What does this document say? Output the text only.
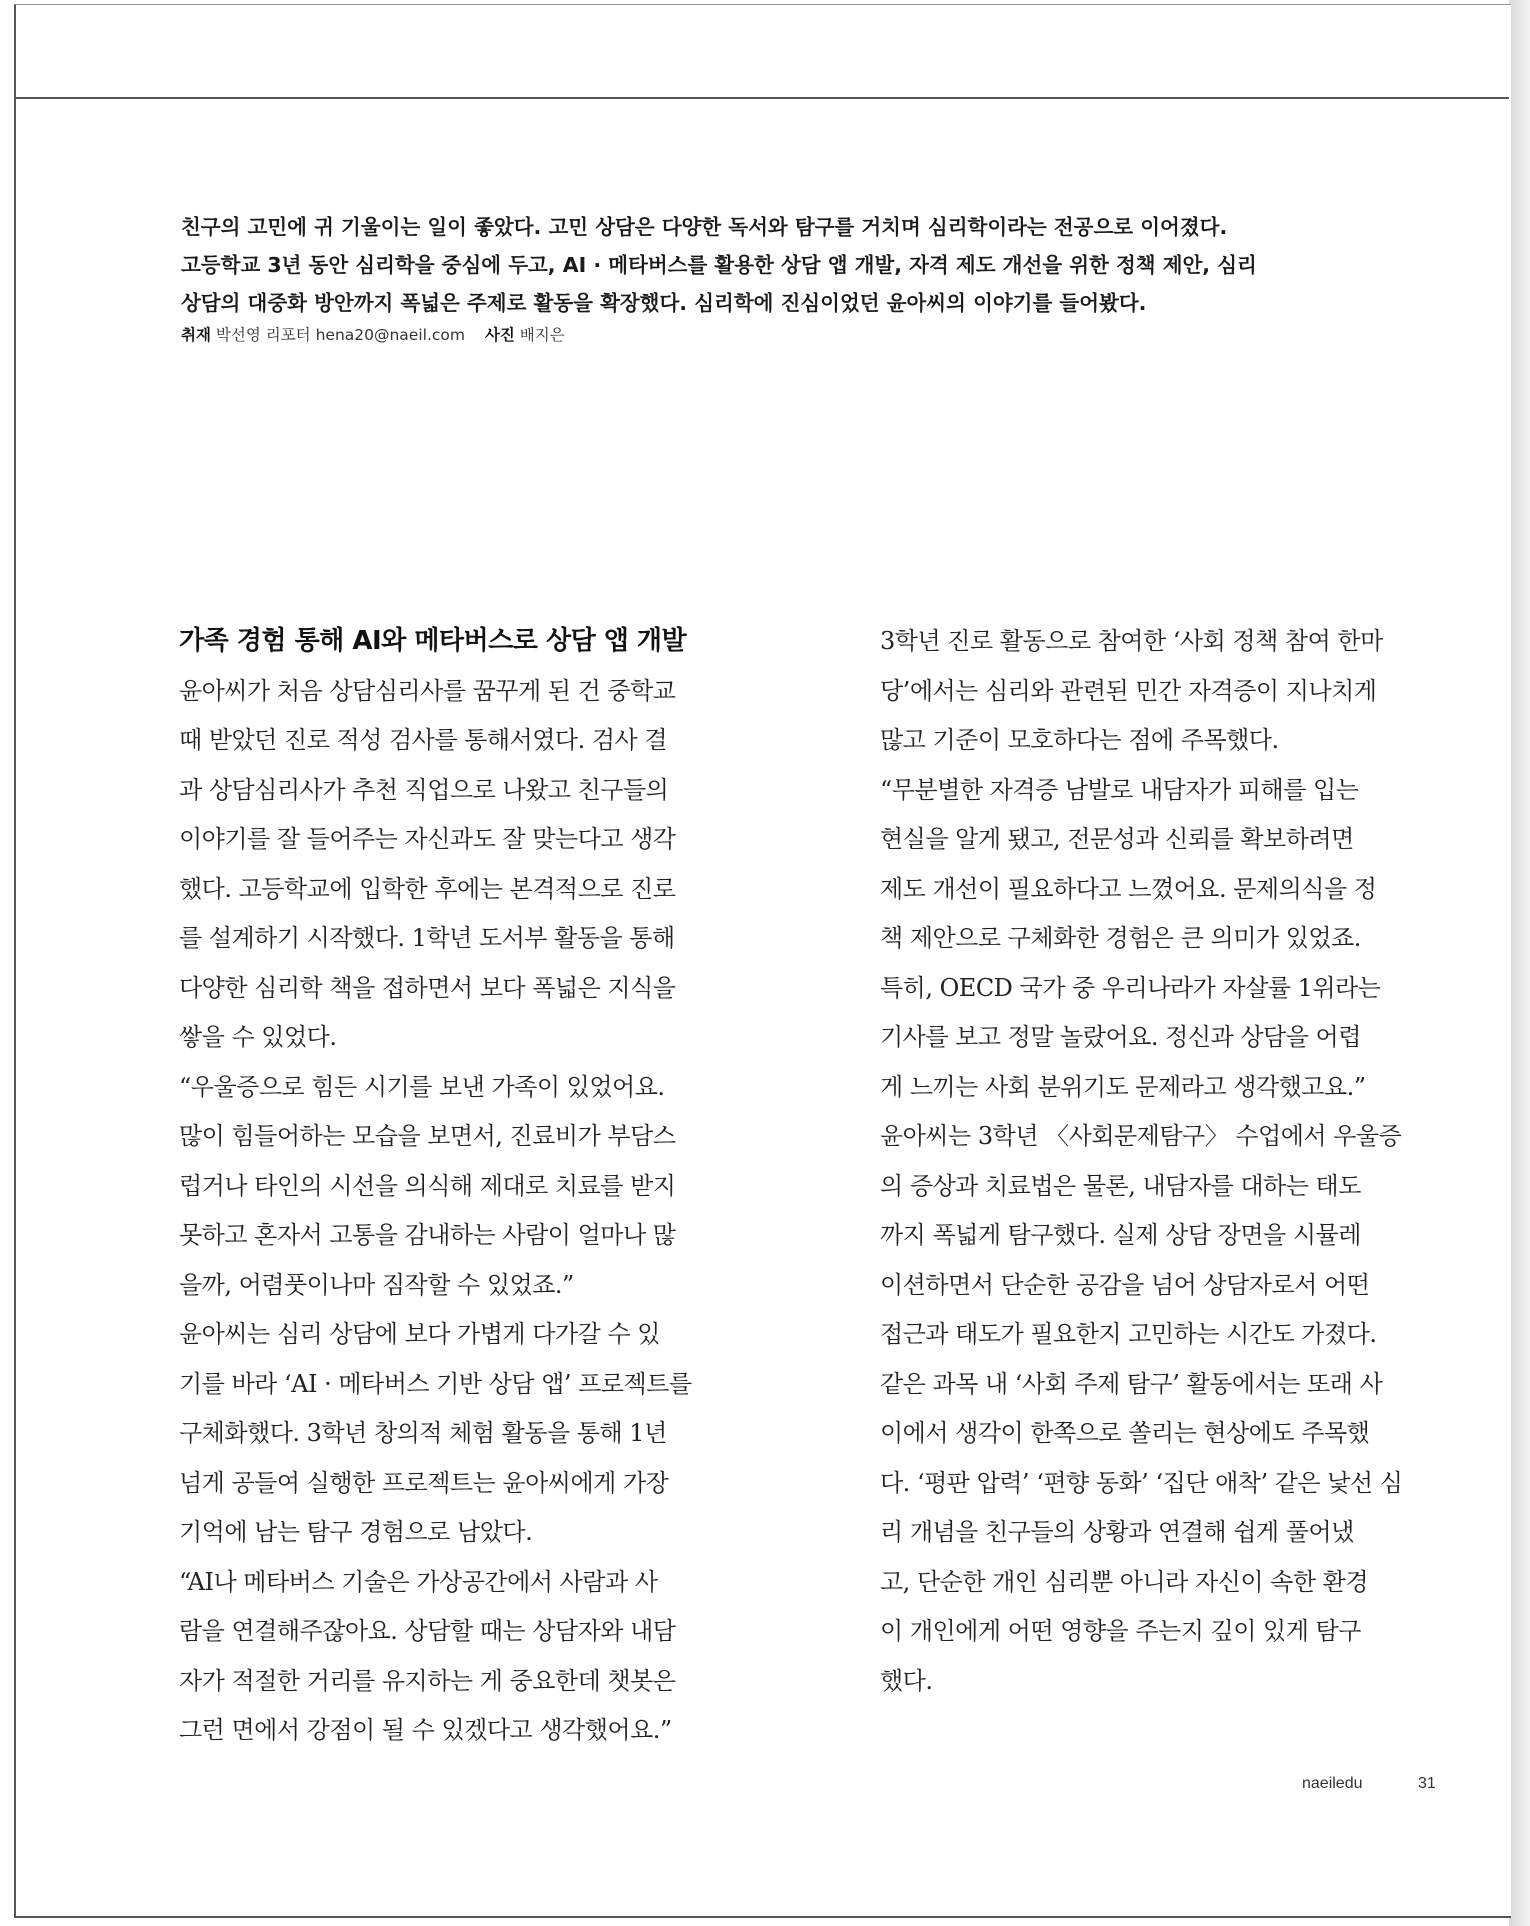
친구의 고민에 귀 기울이는 일이 좋았다. 고민 상담은 다양한 독서와 탐구를 거치며 심리학이라는 전공으로 이어졌다.

고등학교 3년 동안 심리학을 중심에 두고, AI · 메타버스를 활용한 상담 앱 개발, 자격 제도 개선을 위한 정책 제안, 심리

상담의 대중화 방안까지 폭넓은 주제로 활동을 확장했다. 심리학에 진심이었던 윤아씨의 이야기를 들어봤다.

취재 박선영 리포터 hena20@naeil.com 사진 배지은
가족 경험 통해 AI와 메타버스로 상담 앱 개발
윤아씨가 처음 상담심리사를 꿈꾸게 된 건 중학교
때 받았던 진로 적성 검사를 통해서였다. 검사 결
과 상담심리사가 추천 직업으로 나왔고 친구들의
이야기를 잘 들어주는 자신과도 잘 맞는다고 생각
했다. 고등학교에 입학한 후에는 본격적으로 진로
를 설계하기 시작했다. 1학년 도서부 활동을 통해
다양한 심리학 책을 접하면서 보다 폭넓은 지식을
쌓을 수 있었다.
“우울증으로 힘든 시기를 보낸 가족이 있었어요.
많이 힘들어하는 모습을 보면서, 진료비가 부담스
럽거나 타인의 시선을 의식해 제대로 치료를 받지
못하고 혼자서 고통을 감내하는 사람이 얼마나 많
을까, 어렴풋이나마 짐작할 수 있었죠.”
윤아씨는 심리 상담에 보다 가볍게 다가갈 수 있
기를 바라 ‘AI · 메타버스 기반 상담 앱’ 프로젝트를
구체화했다. 3학년 창의적 체험 활동을 통해 1년
넘게 공들여 실행한 프로젝트는 윤아씨에게 가장
기억에 남는 탐구 경험으로 남았다.
“AI나 메타버스 기술은 가상공간에서 사람과 사
람을 연결해주잖아요. 상담할 때는 상담자와 내담
자가 적절한 거리를 유지하는 게 중요한데 챗봇은
그런 면에서 강점이 될 수 있겠다고 생각했어요.”
3학년 진로 활동으로 참여한 ‘사회 정책 참여 한마
당’에서는 심리와 관련된 민간 자격증이 지나치게
많고 기준이 모호하다는 점에 주목했다.
“무분별한 자격증 남발로 내담자가 피해를 입는
현실을 알게 됐고, 전문성과 신뢰를 확보하려면
제도 개선이 필요하다고 느꼈어요. 문제의식을 정
책 제안으로 구체화한 경험은 큰 의미가 있었죠.
특히, OECD 국가 중 우리나라가 자살률 1위라는
기사를 보고 정말 놀랐어요. 정신과 상담을 어렵
게 느끼는 사회 분위기도 문제라고 생각했고요.”
윤아씨는 3학년 〈사회문제탐구〉 수업에서 우울증
의 증상과 치료법은 물론, 내담자를 대하는 태도
까지 폭넓게 탐구했다. 실제 상담 장면을 시뮬레
이션하면서 단순한 공감을 넘어 상담자로서 어떤
접근과 태도가 필요한지 고민하는 시간도 가졌다.
같은 과목 내 ‘사회 주제 탐구’ 활동에서는 또래 사
이에서 생각이 한쪽으로 쏠리는 현상에도 주목했
다. ‘평판 압력’ ‘편향 동화’ ‘집단 애착’ 같은 낯선 심
리 개념을 친구들의 상황과 연결해 쉽게 풀어냈
고, 단순한 개인 심리뿐 아니라 자신이 속한 환경
이 개인에게 어떤 영향을 주는지 깊이 있게 탐구
했다.
naeiledu	31
